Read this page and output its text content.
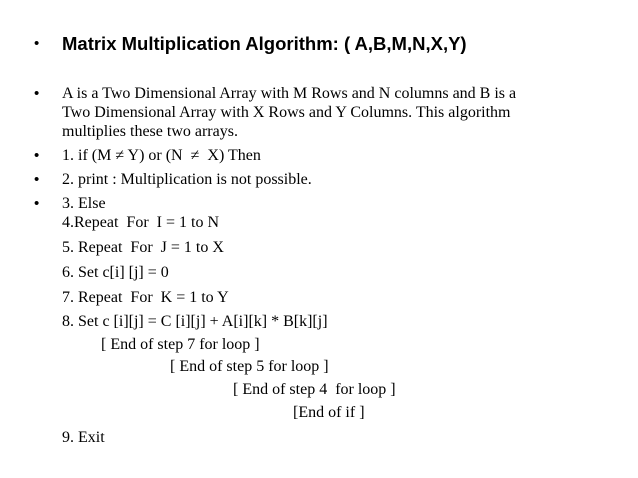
•	Matrix Multiplication Algorithm: ( A,B,M,N,X,Y)
•	A is a Two Dimensional Array with M Rows and N columns and B is a
Two Dimensional Array with X Rows and Y Columns. This algorithm
multiplies these two arrays.
•	1. if (M ≠ Y) or (N  ≠  X) Then
•	2. print : Multiplication is not possible.
•	3. Else
4.Repeat  For  I = 1 to N
5. Repeat  For  J = 1 to X
6. Set c[i] [j] = 0
7. Repeat  For  K = 1 to Y
8. Set c [i][j] = C [i][j] + A[i][k] * B[k][j]
[ End of step 7 for loop ]
[ End of step 5 for loop ]
[ End of step 4  for loop ]
[End of if ]
9. Exit
